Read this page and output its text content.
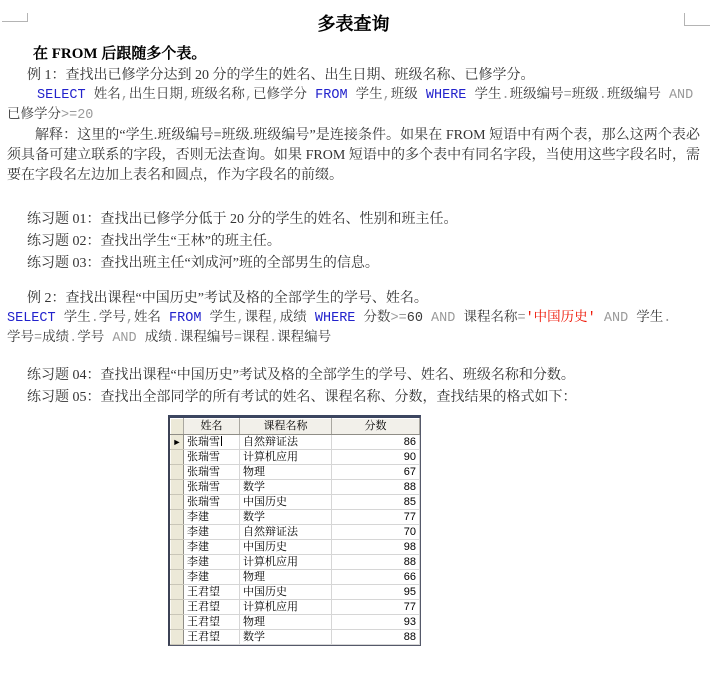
多表查询
在 FROM 后跟随多个表。
例 1：查找出已修学分达到 20 分的学生的姓名、出生日期、班级名称、已修学分。
SELECT 姓名,出生日期,班级名称,已修学分 FROM 学生,班级 WHERE 学生.班级编号=班级.班级编号 AND
已修学分>=20
解释：这里的“学生.班级编号=班级.班级编号”是连接条件。如果在 FROM 短语中有两个表，那么这两个表必须具备可建立联系的字段，否则无法查询。如果 FROM 短语中的多个表中有同名字段，当使用这些字段名时，需要在字段名左边加上表名和圆点，作为字段名的前缀。
练习题 01：查找出已修学分低于 20 分的学生的姓名、性别和班主任。
练习题 02：查找出学生“王林”的班主任。
练习题 03：查找出班主任“刘成河”班的全部男生的信息。
例 2：查找出课程“中国历史”考试及格的全部学生的学号、姓名。
SELECT 学生.学号,姓名 FROM 学生,课程,成绩 WHERE 分数>=60 AND 课程名称='中国历史' AND 学生.
学号=成绩.学号 AND 成绩.课程编号=课程.课程编号
练习题 04：查找出课程“中国历史”考试及格的全部学生的学号、姓名、班级名称和分数。
练习题 05：查找出全部同学的所有考试的姓名、课程名称、分数，查找结果的格式如下：
	姓名	课程名称	分数
►	张瑞雪	自然辩证法	86
	张瑞雪	计算机应用	90
	张瑞雪	物理	67
	张瑞雪	数学	88
	张瑞雪	中国历史	85
	李建	数学	77
	李建	自然辩证法	70
	李建	中国历史	98
	李建	计算机应用	88
	李建	物理	66
	王君望	中国历史	95
	王君望	计算机应用	77
	王君望	物理	93
	王君望	数学	88
